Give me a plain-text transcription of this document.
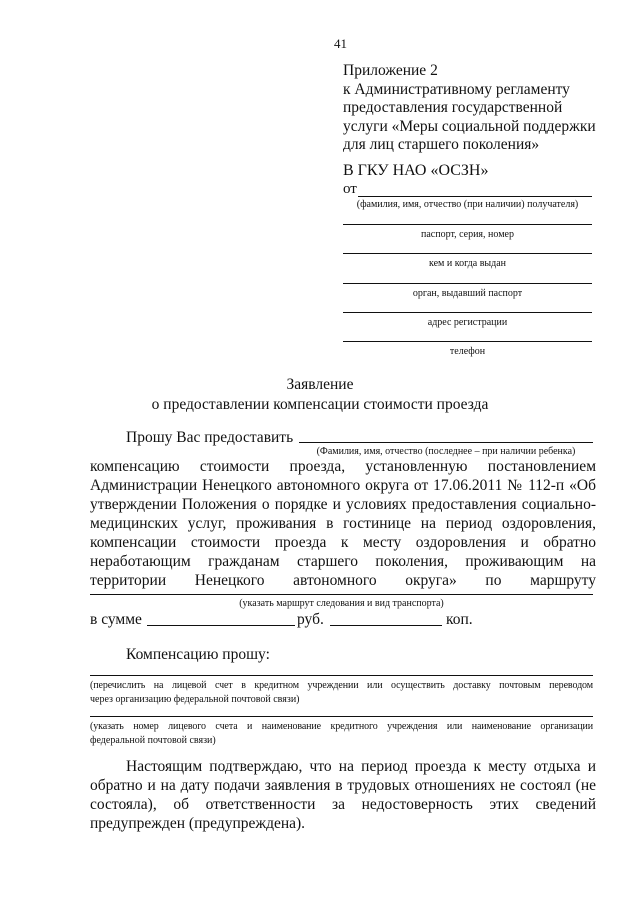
41
Приложение 2
к Административному регламенту
предоставления государственной
услуги «Меры социальной поддержки
для лиц старшего поколения»
В ГКУ НАО «ОСЗН»
от
(фамилия, имя, отчество (при наличии) получателя)
паспорт, серия, номер
кем и когда выдан
орган, выдавший паспорт
адрес регистрации
телефон
Заявление
о предоставлении компенсации стоимости проезда
Прошу Вас предоставить
(Фамилия, имя, отчество (последнее – при наличии ребенка)
компенсацию стоимости проезда, установленную постановлением
Администрации Ненецкого автономного округа от 17.06.2011 № 112-п «Об
утверждении Положения о порядке и условиях предоставления социально-
медицинских услуг, проживания в гостинице на период оздоровления,
компенсации стоимости проезда к месту оздоровления и обратно
неработающим гражданам старшего поколения, проживающим на
территории Ненецкого автономного округа» по маршруту
(указать маршрут следования и вид транспорта)
в сумме	руб.	коп.
Компенсацию прошу:
(перечислить на лицевой счет в кредитном учреждении или осуществить доставку почтовым переводом
через организацию федеральной почтовой связи)
(указать номер лицевого счета и наименование кредитного учреждения или наименование организации
федеральной почтовой связи)
Настоящим подтверждаю, что на период проезда к месту отдыха и
обратно и на дату подачи заявления в трудовых отношениях не состоял (не
состояла), об ответственности за недостоверность этих сведений
предупрежден (предупреждена).
